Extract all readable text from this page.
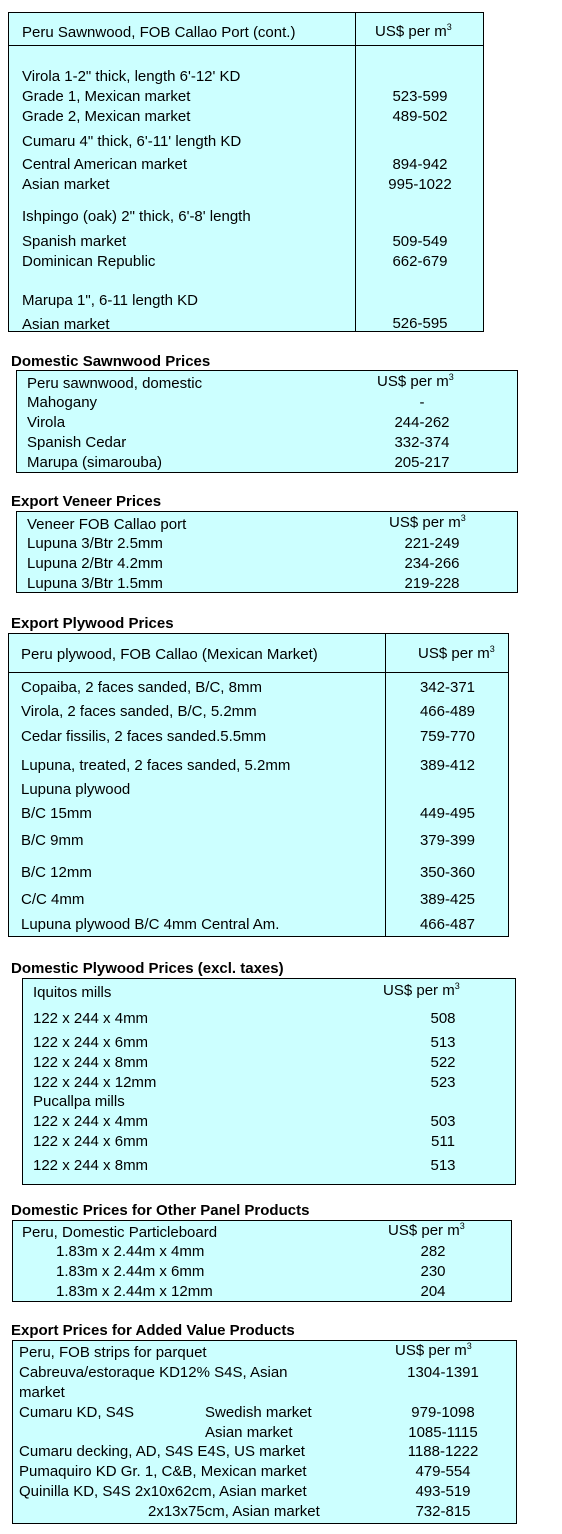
Peru Sawnwood, FOB Callao Port (cont.)	US$ per $m^3$
Virola 1-2" thick, length 6'-12' KD
Grade 1, Mexican market	523-599
Grade 2, Mexican market	489-502
Cumaru 4" thick, 6'-11' length KD
Central American market	894-942
Asian market	995-1022
Ishpingo (oak) 2" thick, 6'-8' length
Spanish market	509-549
Dominican Republic	662-679
Marupa 1", 6-11 length KD
Asian market	526-595
Domestic Sawnwood Prices
Peru sawnwood, domestic	US$ per $m^3$
Mahogany	-
Virola	244-262
Spanish Cedar	332-374
Marupa (simarouba)	205-217
Export Veneer Prices
Veneer FOB Callao port	US$ per $m^3$
Lupuna 3/Btr 2.5mm	221-249
Lupuna 2/Btr 4.2mm	234-266
Lupuna 3/Btr 1.5mm	219-228
Export Plywood Prices
Peru plywood, FOB Callao (Mexican Market)	US$ per $m^3$
Copaiba, 2 faces sanded, B/C, 8mm	342-371
Virola, 2 faces sanded, B/C, 5.2mm	466-489
Cedar fissilis, 2 faces sanded.5.5mm	759-770
Lupuna, treated, 2 faces sanded, 5.2mm	389-412
Lupuna plywood
B/C 15mm	449-495
B/C 9mm	379-399
B/C 12mm	350-360
C/C 4mm	389-425
Lupuna plywood B/C 4mm Central Am.	466-487
Domestic Plywood Prices (excl. taxes)
Iquitos mills	US$ per $m^3$
122 x 244 x 4mm	508
122 x 244 x 6mm	513
122 x 244 x 8mm	522
122 x 244 x 12mm	523
Pucallpa mills
122 x 244 x 4mm	503
122 x 244 x 6mm	511
122 x 244 x 8mm	513
Domestic Prices for Other Panel Products
Peru, Domestic Particleboard	US$ per $m^3$
1.83m x 2.44m x 4mm	282
1.83m x 2.44m x 6mm	230
1.83m x 2.44m x 12mm	204
Export Prices for Added Value Products
Peru, FOB strips for parquet	US$ per $m^3$
Cabreuva/estoraque KD12% S4S, Asian	1304-1391
market
Cumaru KD, S4S	Swedish market	979-1098
Asian market	1085-1115
Cumaru decking, AD, S4S E4S, US market	1188-1222
Pumaquiro KD Gr. 1, C&B, Mexican market	479-554
Quinilla KD, S4S 2x10x62cm, Asian market	493-519
2x13x75cm, Asian market	732-815
